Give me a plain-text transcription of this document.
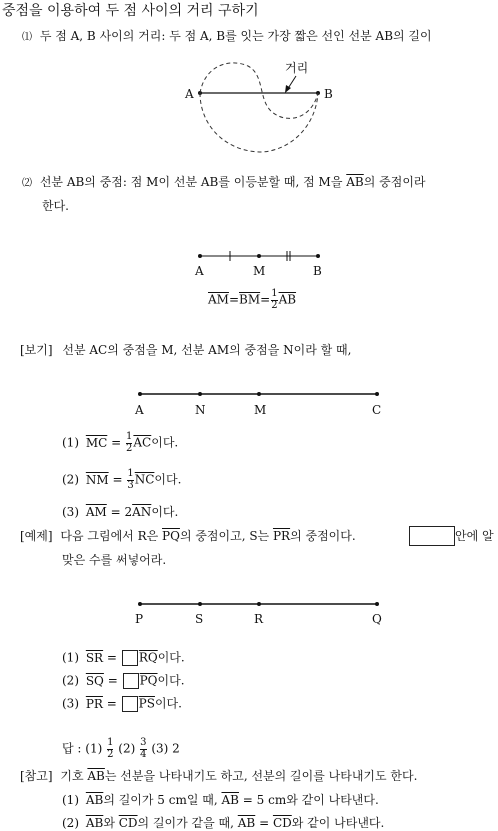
중점을 이용하여 두 점 사이의 거리 구하기
⑴ 두 점 A, B 사이의 거리: 두 점 A, B를 잇는 가장 짧은 선인 선분 AB의 길이
A	B
거리
⑵ 선분 AB의 중점: 점 M이 선분 AB를 이등분할 때, 점 M을 $\overline{AB}$의 중점이라
한다.
A	M	B
$\overline{AM}=\overline{BM}= \frac{1}{2} \overline{AB}$
[보기] 선분 AC의 중점을 M, 선분 AM의 중점을 N이라 할 때,
A	N	M	C
(1) $\overline{MC} = \frac{1}{2} \overline{AC}$이다.
(2) $\overline{NM} = \frac{1}{3} \overline{NC}$이다.
(3) $\overline{AM} = 2\overline{AN}$이다.
[예제] 다음 그림에서 R은 $\overline{PQ}$의 중점이고, S는 $\overline{PR}$의 중점이다.	안에 알
맞은 수를 써넣어라.
P	S	R	Q
(1) $\overline{SR} = \overline{RQ}$이다.
(2) $\overline{SQ} = \overline{PQ}$이다.
(3) $\overline{PR} = \overline{PS}$이다.
답 : $(1) \frac{1}{2} (2) \frac{3}{4} (3)$ 2
[참고] 기호 $\overline{AB}$는 선분을 나타내기도 하고, 선분의 길이를 나타내기도 한다.
(1) $\overline{AB}$의 길이가 5 cm일 때, $\overline{AB} = 5$ cm와 같이 나타낸다.
(2) $\overline{AB}$와 $\overline{CD}$의 길이가 같을 때, $\overline{AB} = \overline{CD}$와 같이 나타낸다.
